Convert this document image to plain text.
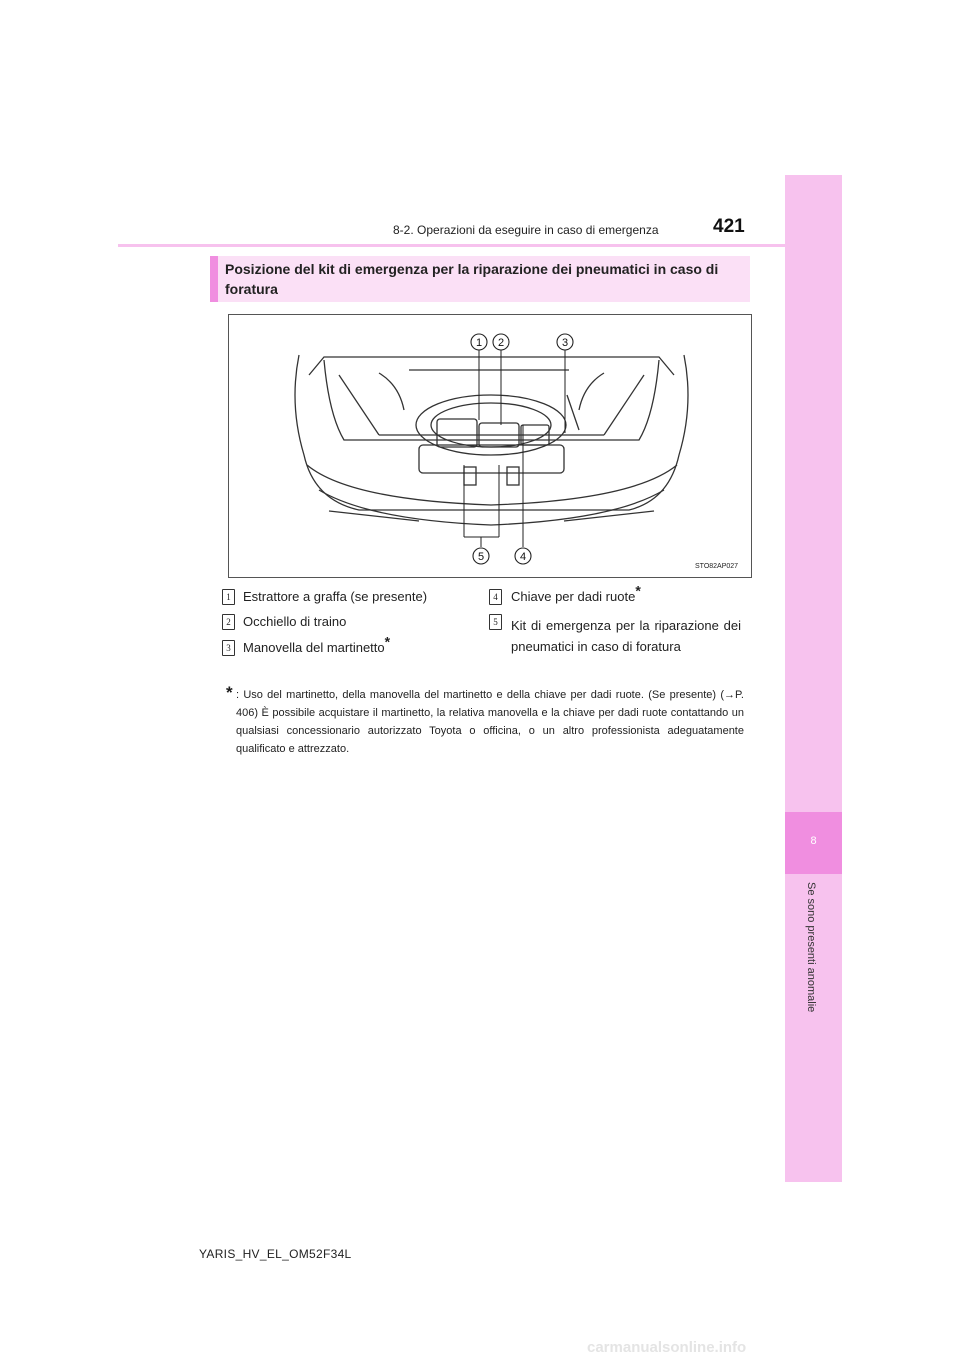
8
Se sono presenti anomalie
8-2. Operazioni da eseguire in caso di emergenza	421
Posizione del kit di emergenza per la riparazione dei pneumatici in caso di foratura
1 2	3
5	4
STO82AP027
1 Estrattore a graffa (se presente)
2 Occhiello di traino
3 Manovella del martinetto*
4	Chiave per dadi ruote*
5	Kit di emergenza per la riparazione dei pneumatici in caso di foratura
* : Uso del martinetto, della manovella del martinetto e della chiave per dadi ruote. (Se presente) (→P. 406) È possibile acquistare il martinetto, la relativa manovella e la chiave per dadi ruote contattando un qualsiasi concessionario autorizzato Toyota o officina, o un altro professionista adeguatamente qualificato e attrezzato.
YARIS_HV_EL_OM52F34L
carmanualsonline.info
